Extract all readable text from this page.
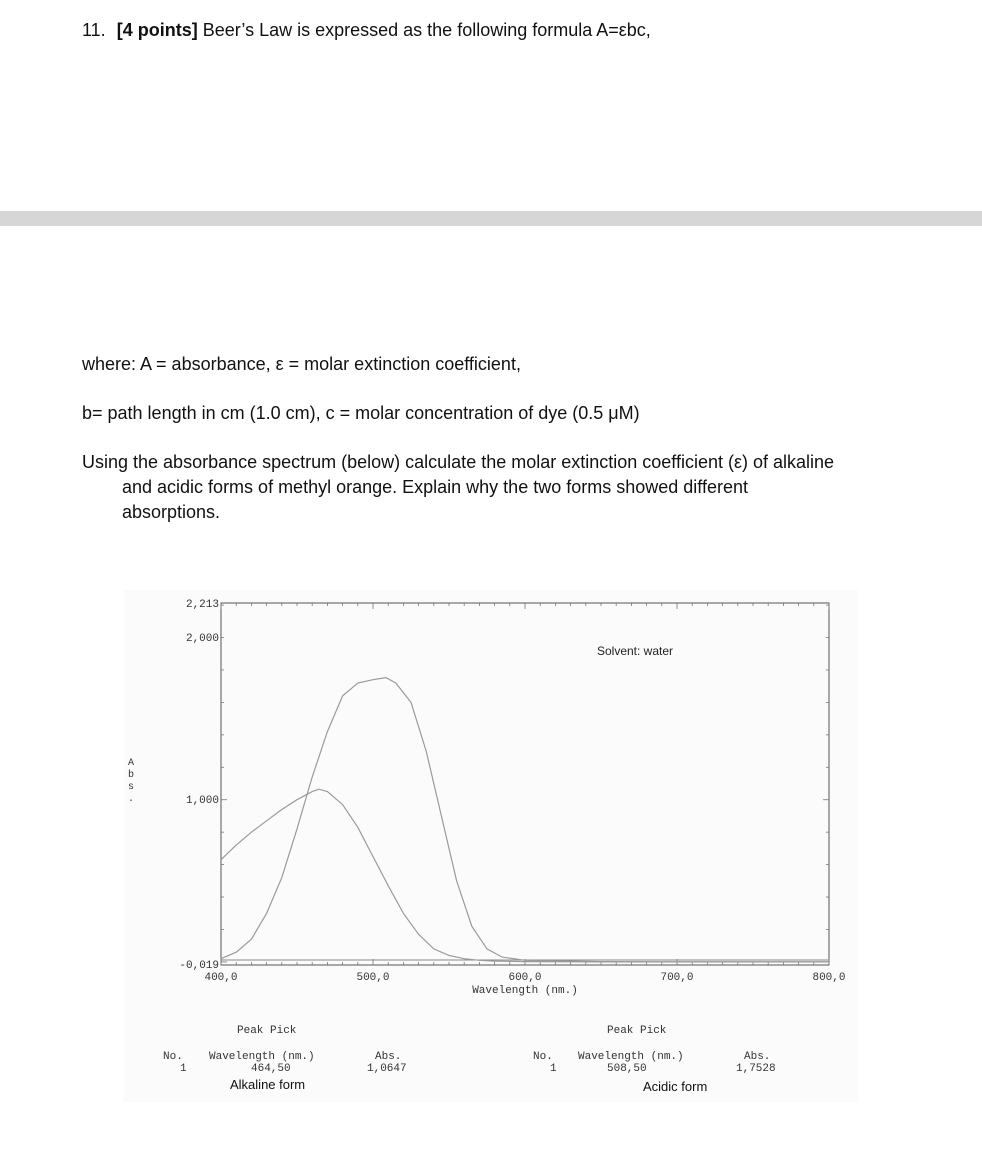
11. [4 points] Beer’s Law is expressed as the following formula A=εbc,
where: A = absorbance, ε = molar extinction coefficient,
b= path length in cm (1.0 cm), c = molar concentration of dye (0.5 μM)
Using the absorbance spectrum (below) calculate the molar extinction coefficient (ε) of alkaline
and acidic forms of methyl orange. Explain why the two forms showed different
absorptions.
2,213
2,000
1,000
-0,019
A
b
s
.
400,0	500,0	600,0	700,0	800,0
Wavelength (nm.)
Solvent: water
Peak Pick
No. Wavelength (nm.)	Abs.
1	464,50	1,0647
Alkaline form
Peak Pick
No. Wavelength (nm.)	Abs.
1	508,50	1,7528
Acidic form
